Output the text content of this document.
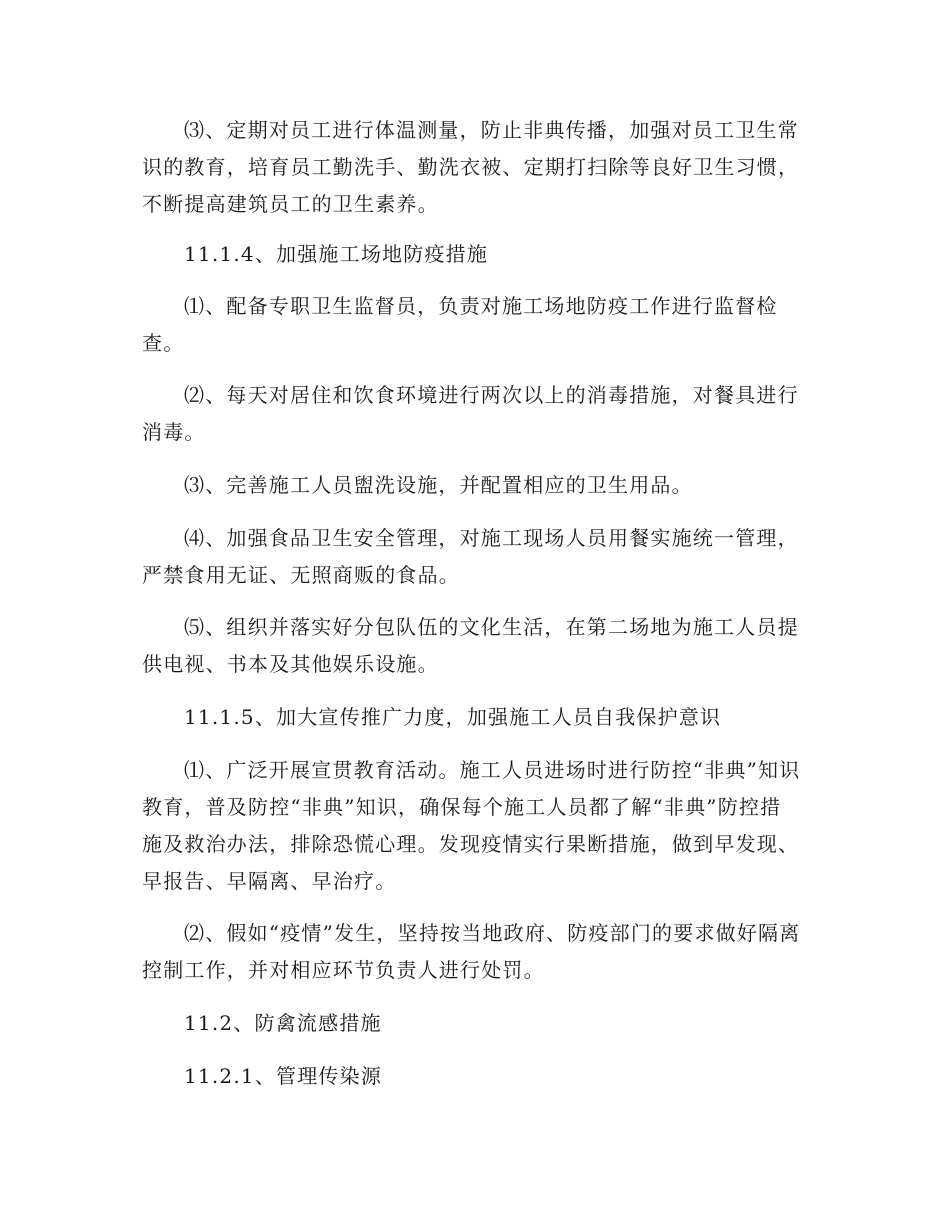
⑶、定期对员工进行体温测量，防止非典传播，加强对员工卫生常识的教育，培育员工勤洗手、勤洗衣被、定期打扫除等良好卫生习惯，不断提高建筑员工的卫生素养。

11.1.4、加强施工场地防疫措施

⑴、配备专职卫生监督员，负责对施工场地防疫工作进行监督检查。

⑵、每天对居住和饮食环境进行两次以上的消毒措施，对餐具进行消毒。

⑶、完善施工人员盥洗设施，并配置相应的卫生用品。

⑷、加强食品卫生安全管理，对施工现场人员用餐实施统一管理，严禁食用无证、无照商贩的食品。

⑸、组织并落实好分包队伍的文化生活，在第二场地为施工人员提供电视、书本及其他娱乐设施。

11.1.5、加大宣传推广力度，加强施工人员自我保护意识

⑴、广泛开展宣贯教育活动。施工人员进场时进行防控“非典”知识教育，普及防控“非典”知识，确保每个施工人员都了解“非典”防控措施及救治办法，排除恐慌心理。发现疫情实行果断措施，做到早发现、早报告、早隔离、早治疗。

⑵、假如“疫情”发生，坚持按当地政府、防疫部门的要求做好隔离控制工作，并对相应环节负责人进行处罚。

11.2、防禽流感措施

11.2.1、管理传染源
